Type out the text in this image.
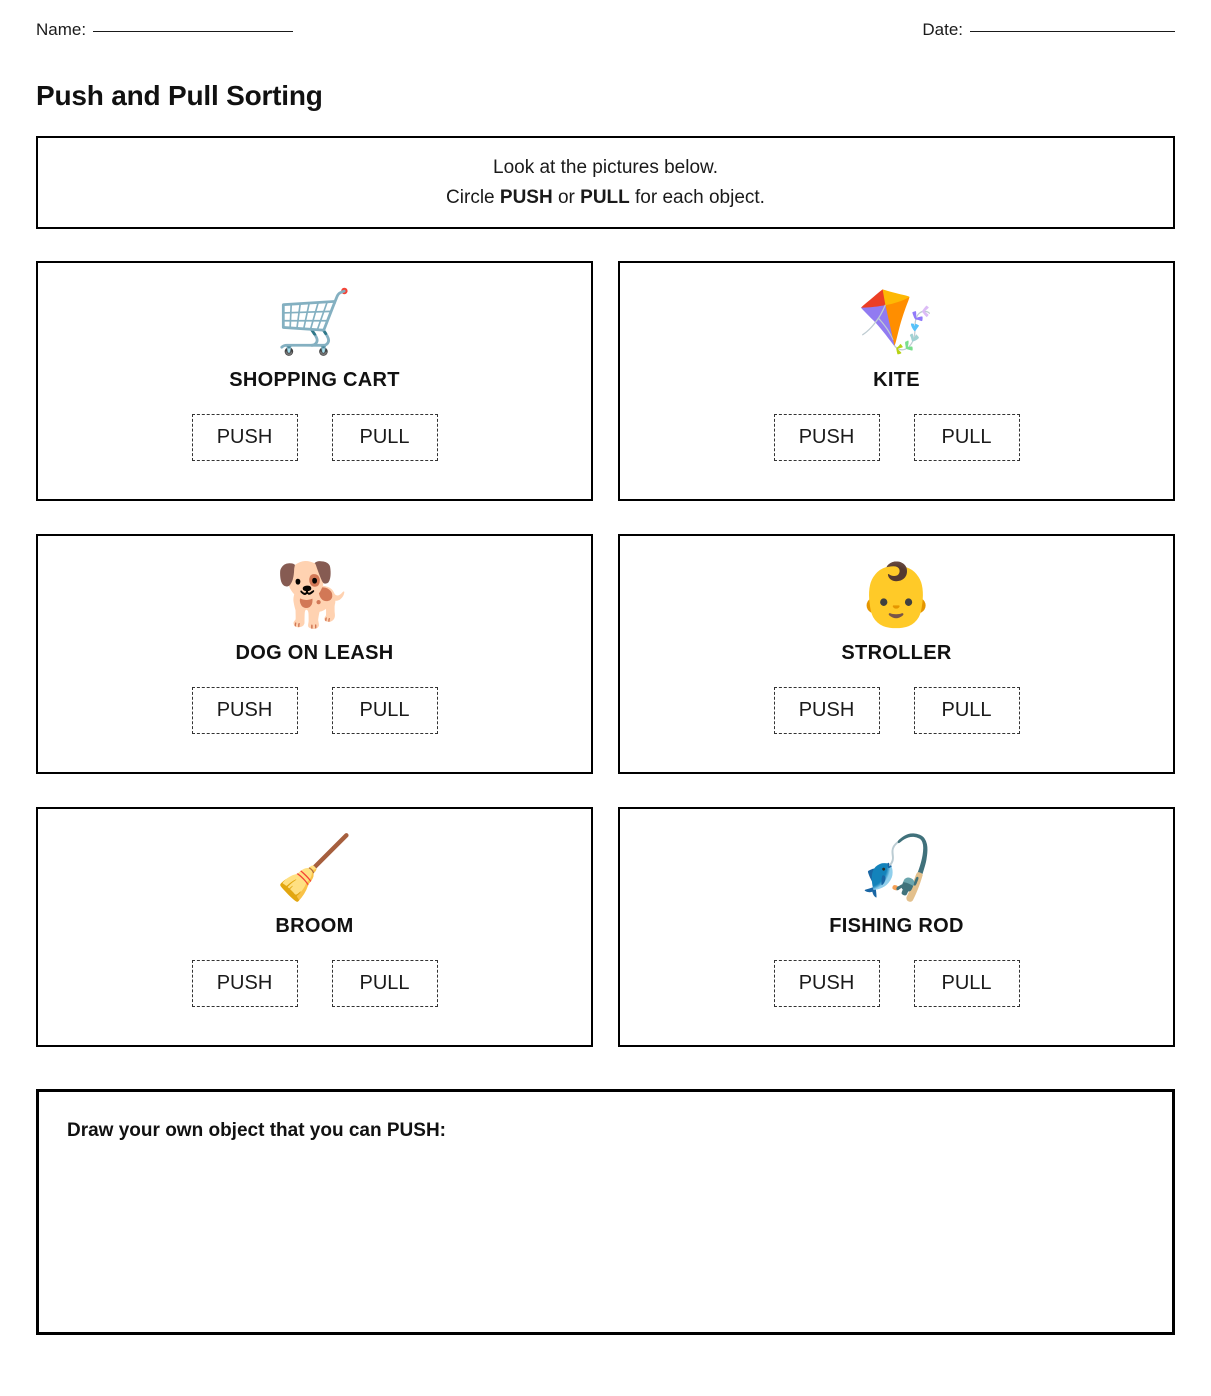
Name:	Date:
Push and Pull Sorting
Look at the pictures below.
Circle PUSH or PULL for each object.
🛒
SHOPPING CART
PUSH	PULL
🪁
KITE
PUSH	PULL
🐕
DOG ON LEASH
PUSH	PULL
👶
STROLLER
PUSH	PULL
🧹
BROOM
PUSH	PULL
🎣
FISHING ROD
PUSH	PULL
Draw your own object that you can PUSH:
